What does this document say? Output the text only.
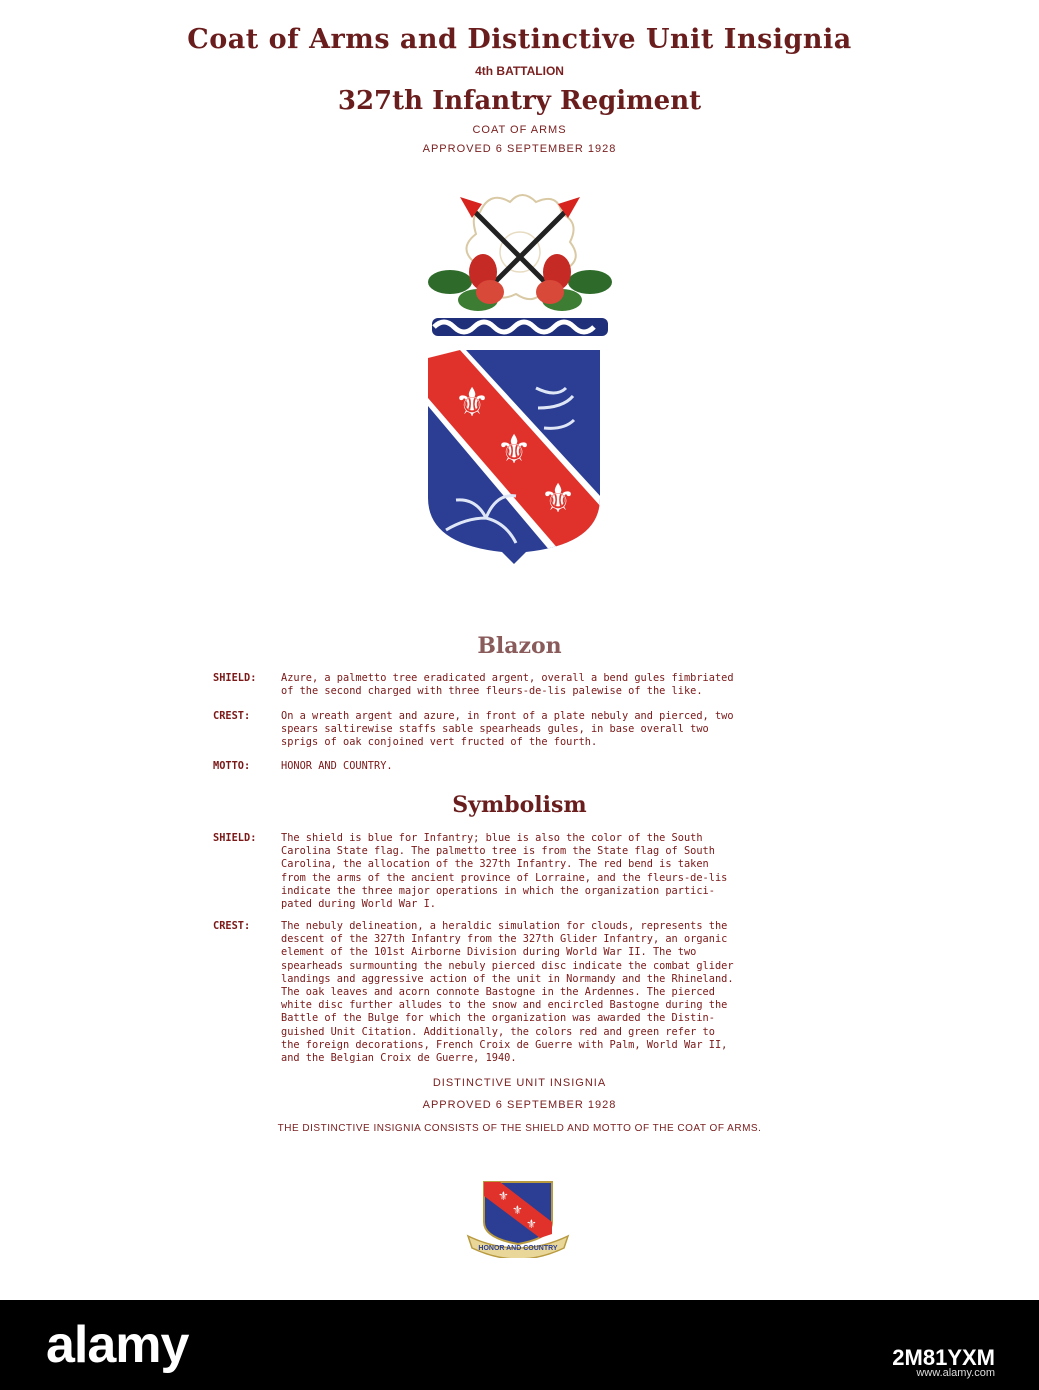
Coat of Arms and Distinctive Unit Insignia
4th BATTALION
327th Infantry Regiment
COAT OF ARMS
APPROVED 6 SEPTEMBER 1928
⚜
⚜
⚜
Blazon
SHIELD:	Azure, a palmetto tree eradicated argent, overall a bend gules fimbriated
of the second charged with three fleurs-de-lis palewise of the like.
CREST:	On a wreath argent and azure, in front of a plate nebuly and pierced, two
spears saltirewise staffs sable spearheads gules, in base overall two
sprigs of oak conjoined vert fructed of the fourth.
MOTTO:	HONOR AND COUNTRY.
Symbolism
SHIELD:	The shield is blue for Infantry; blue is also the color of the South
Carolina State flag. The palmetto tree is from the State flag of South
Carolina, the allocation of the 327th Infantry. The red bend is taken
from the arms of the ancient province of Lorraine, and the fleurs-de-lis
indicate the three major operations in which the organization partici-
pated during World War I.
CREST:	The nebuly delineation, a heraldic simulation for clouds, represents the
descent of the 327th Infantry from the 327th Glider Infantry, an organic
element of the 101st Airborne Division during World War II. The two
spearheads surmounting the nebuly pierced disc indicate the combat glider
landings and aggressive action of the unit in Normandy and the Rhineland.
The oak leaves and acorn connote Bastogne in the Ardennes. The pierced
white disc further alludes to the snow and encircled Bastogne during the
Battle of the Bulge for which the organization was awarded the Distin-
guished Unit Citation. Additionally, the colors red and green refer to
the foreign decorations, French Croix de Guerre with Palm, World War II,
and the Belgian Croix de Guerre, 1940.
DISTINCTIVE UNIT INSIGNIA
APPROVED 6 SEPTEMBER 1928
THE DISTINCTIVE INSIGNIA CONSISTS OF THE SHIELD AND MOTTO OF THE COAT OF ARMS.
⚜
⚜
⚜
HONOR AND COUNTRY
alamy	2M81YXM
www.alamy.com
